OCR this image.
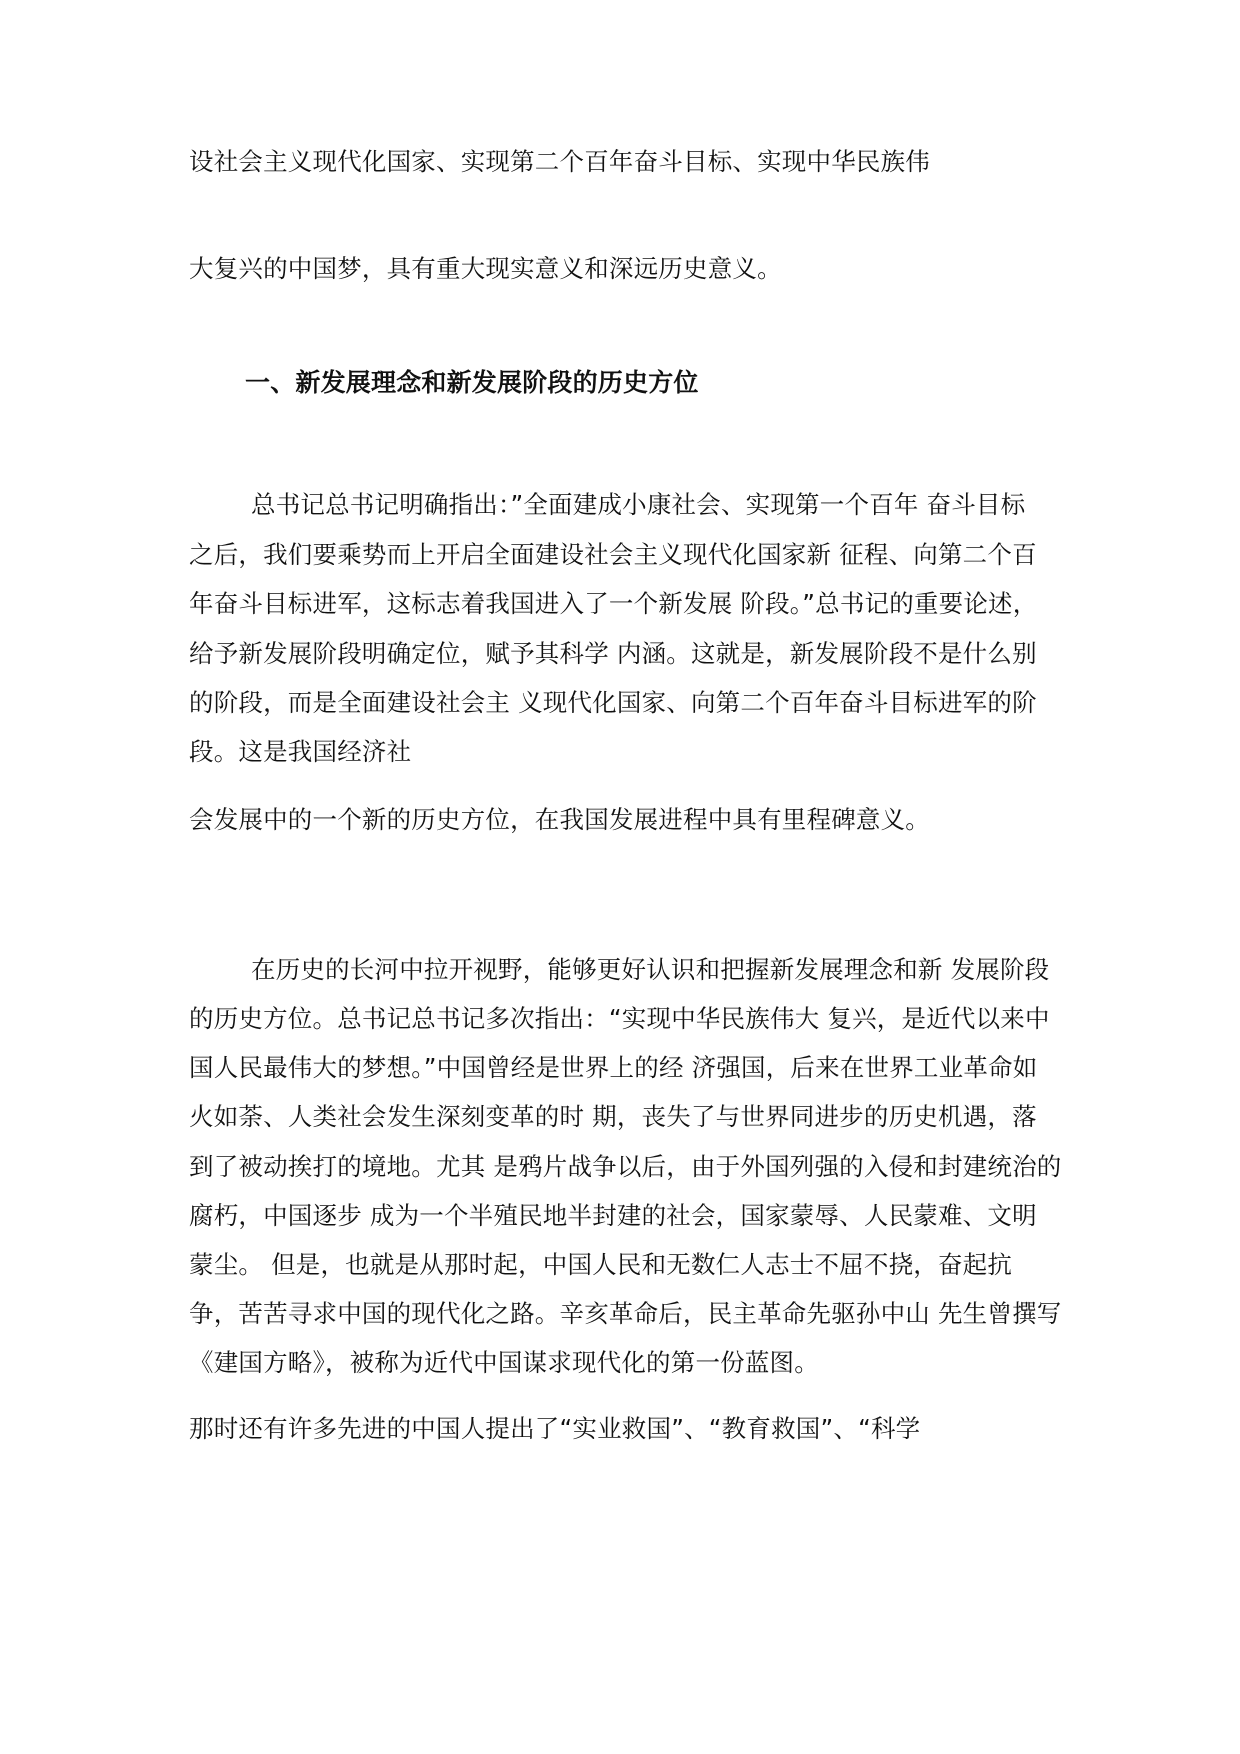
设社会主义现代化国家、实现第二个百年奋斗目标、实现中华民族伟
大复兴的中国梦，具有重大现实意义和深远历史意义。
一、新发展理念和新发展阶段的历史方位
总书记总书记明确指出：”全面建成小康社会、实现第一个百年 奋斗目标
之后，我们要乘势而上开启全面建设社会主义现代化国家新 征程、向第二个百
年奋斗目标进军，这标志着我国进入了一个新发展 阶段。”总书记的重要论述，
给予新发展阶段明确定位，赋予其科学 内涵。这就是，新发展阶段不是什么别
的阶段，而是全面建设社会主 义现代化国家、向第二个百年奋斗目标进军的阶
段。这是我国经济社
会发展中的一个新的历史方位，在我国发展进程中具有里程碑意义。
在历史的长河中拉开视野，能够更好认识和把握新发展理念和新 发展阶段
的历史方位。总书记总书记多次指出：“实现中华民族伟大 复兴，是近代以来中
国人民最伟大的梦想。”中国曾经是世界上的经 济强国，后来在世界工业革命如
火如荼、人类社会发生深刻变革的时 期，丧失了与世界同进步的历史机遇，落
到了被动挨打的境地。尤其 是鸦片战争以后，由于外国列强的入侵和封建统治的
腐朽，中国逐步 成为一个半殖民地半封建的社会，国家蒙辱、人民蒙难、文明
蒙尘。 但是，也就是从那时起，中国人民和无数仁人志士不屈不挠，奋起抗
争，苦苦寻求中国的现代化之路。辛亥革命后，民主革命先驱孙中山 先生曾撰写
《建国方略》，被称为近代中国谋求现代化的第一份蓝图。
那时还有许多先进的中国人提出了“实业救国”、“教育救国”、“科学
